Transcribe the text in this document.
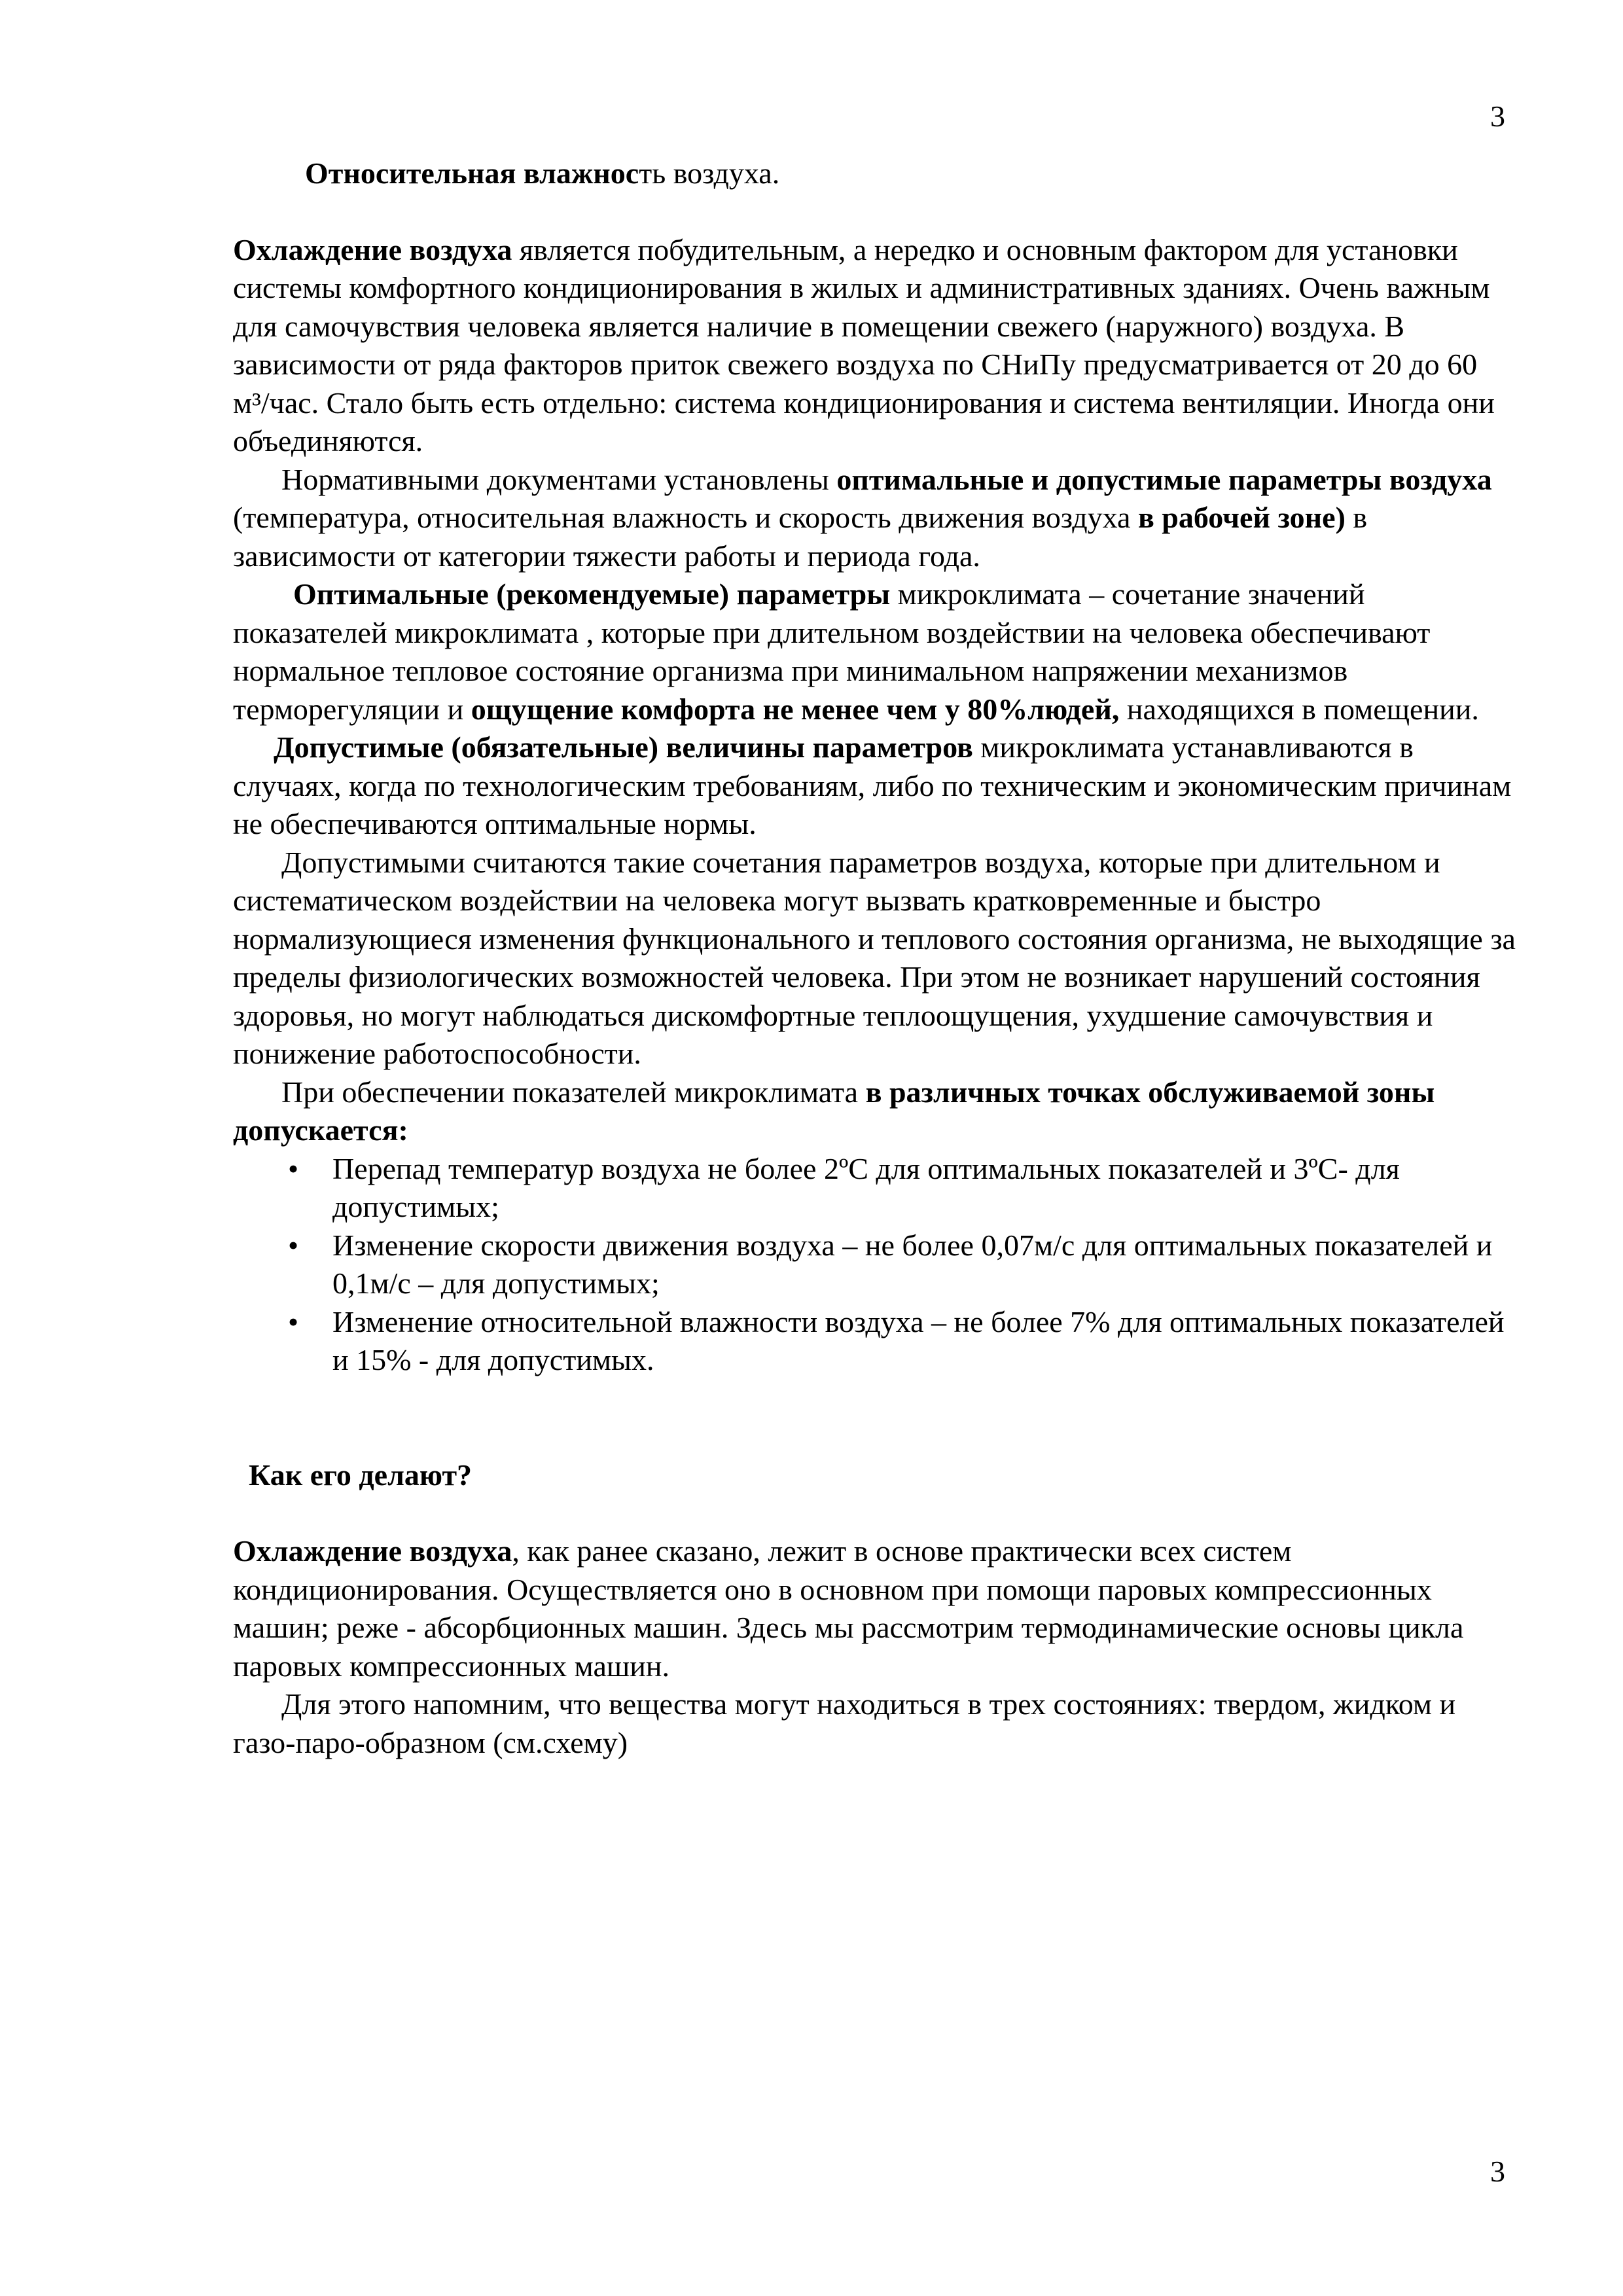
3

Относительная влажность воздуха.

Охлаждение воздуха является побудительным, а нередко и основным фактором для установки системы комфортного кондиционирования в жилых и административных зданиях. Очень важным для самочувствия человека является наличие в помещении свежего (наружного) воздуха. В зависимости от ряда факторов приток свежего воздуха по СНиПу предусматривается от 20 до 60 м³/час. Стало быть есть отдельно: система кондиционирования и система вентиляции. Иногда они объединяются.

Нормативными документами установлены оптимальные и допустимые параметры воздуха (температура, относительная влажность и скорость движения воздуха в рабочей зоне) в зависимости от категории тяжести работы и периода года.

Оптимальные (рекомендуемые) параметры микроклимата – сочетание значений показателей микроклимата , которые при длительном воздействии на человека обеспечивают нормальное тепловое состояние организма при минимальном напряжении механизмов терморегуляции и ощущение комфорта не менее чем у 80%людей, находящихся в помещении.

Допустимые (обязательные) величины параметров микроклимата устанавливаются в случаях, когда по технологическим требованиям, либо по техническим и экономическим причинам не обеспечиваются оптимальные нормы.

Допустимыми считаются такие сочетания параметров воздуха, которые при длительном и систематическом воздействии на человека могут вызвать кратковременные и быстро нормализующиеся изменения функционального и теплового состояния организма, не выходящие за пределы физиологических возможностей человека. При этом не возникает нарушений состояния здоровья, но могут наблюдаться дискомфортные теплоощущения, ухудшение самочувствия и понижение работоспособности.

При обеспечении показателей микроклимата в различных точках обслуживаемой зоны допускается:

• Перепад температур воздуха не более 2ºС для оптимальных показателей и 3ºС- для допустимых;
• Изменение скорости движения воздуха – не более 0,07м/с для оптимальных показателей и 0,1м/с – для допустимых;
• Изменение относительной влажности воздуха – не более 7% для оптимальных показателей и 15% - для допустимых.

Как его делают?

Охлаждение воздуха, как ранее сказано, лежит в основе практически всех систем кондиционирования. Осуществляется оно в основном при помощи паровых компрессионных машин; реже - абсорбционных машин. Здесь мы рассмотрим термодинамические основы цикла паровых компрессионных машин.

Для этого напомним, что вещества могут находиться в трех состояниях: твердом, жидком и газо-паро-образном (см.схему)

3
